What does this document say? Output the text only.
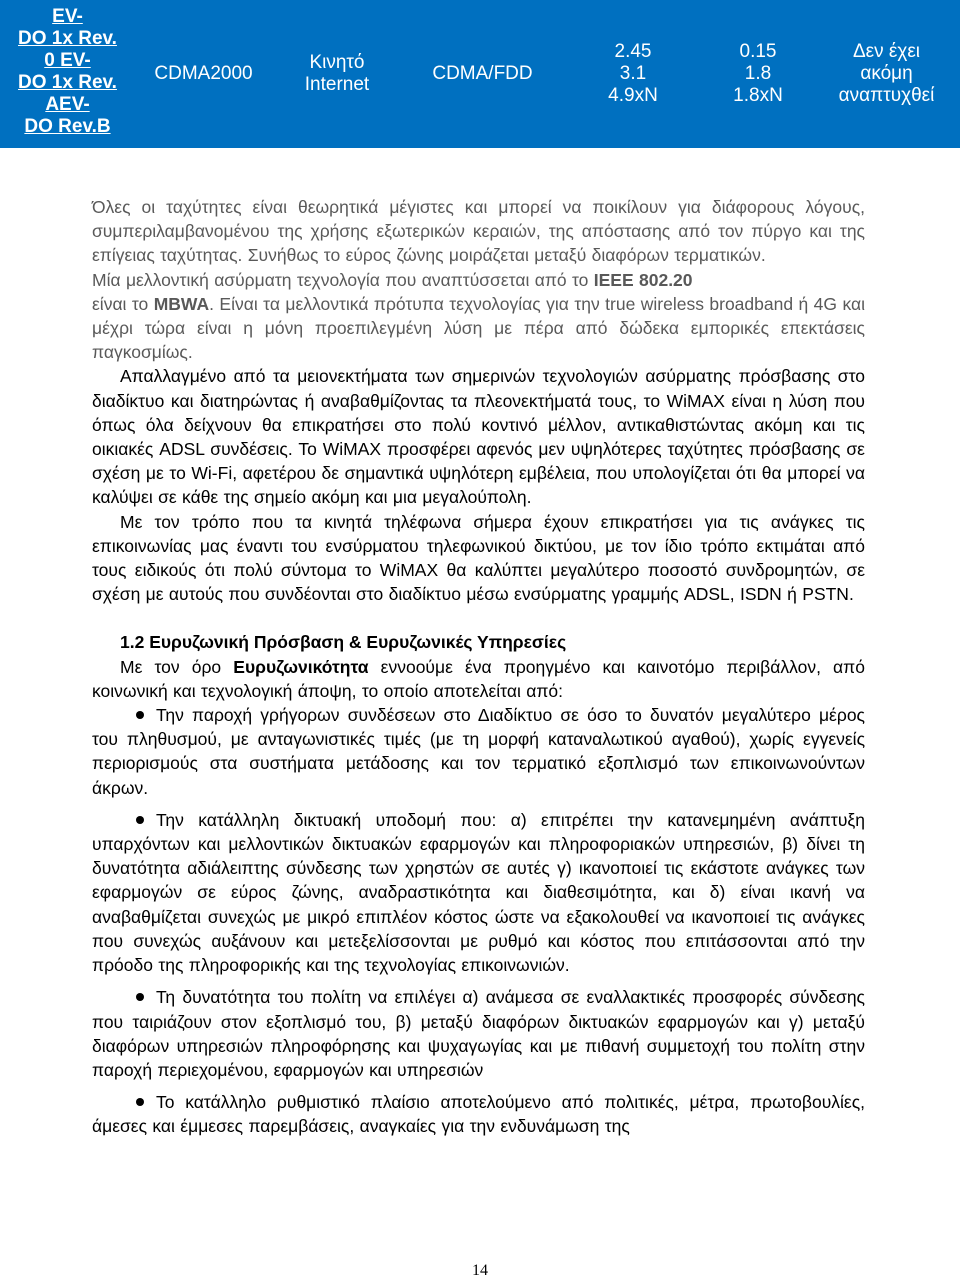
EV-
DO 1x Rev.
0 EV-
DO 1x Rev.
AEV-
DO Rev.B
CDMA2000
Κινητό
Internet
CDMA/FDD
2.45
3.1
4.9xN
0.15
1.8
1.8xN
Δεν έχει
ακόμη
αναπτυχθεί

Όλες οι ταχύτητες είναι θεωρητικά μέγιστες και μπορεί να ποικίλουν για διάφορους λόγους, συμπεριλαμβανομένου της χρήσης εξωτερικών κεραιών, της απόστασης από τον πύργο και της επίγειας ταχύτητας. Συνήθως το εύρος ζώνης μοιράζεται μεταξύ διαφόρων τερματικών.

Μία μελλοντική ασύρματη τεχνολογία που αναπτύσσεται από το IEEE 802.20

είναι το MBWA. Είναι τα μελλοντικά πρότυπα τεχνολογίας για την true wireless broadband ή 4G και μέχρι τώρα είναι η μόνη προεπιλεγμένη λύση με πέρα από δώδεκα εμπορικές επεκτάσεις παγκοσμίως.

Απαλλαγμένο από τα μειονεκτήματα των σημερινών τεχνολογιών ασύρματης πρόσβασης στο διαδίκτυο και διατηρώντας ή αναβαθμίζοντας τα πλεονεκτήματά τους, το WiMAX είναι η λύση που όπως όλα δείχνουν θα επικρατήσει στο πολύ κοντινό μέλλον, αντικαθιστώντας ακόμη και τις οικιακές ADSL συνδέσεις. Το WiMAX προσφέρει αφενός μεν υψηλότερες ταχύτητες πρόσβασης σε σχέση με το Wi-Fi, αφετέρου δε σημαντικά υψηλότερη εμβέλεια, που υπολογίζεται ότι θα μπορεί να καλύψει σε κάθε της σημείο ακόμη και μια μεγαλούπολη.

Με τον τρόπο που τα κινητά τηλέφωνα σήμερα έχουν επικρατήσει για τις ανάγκες τις επικοινωνίας μας έναντι του ενσύρματου τηλεφωνικού δικτύου, με τον ίδιο τρόπο εκτιμάται από τους ειδικούς ότι πολύ σύντομα το WiMAX θα καλύπτει μεγαλύτερο ποσοστό συνδρομητών, σε σχέση με αυτούς που συνδέονται στο διαδίκτυο μέσω ενσύρματης γραμμής ADSL, ISDN ή PSTN.

1.2 Ευρυζωνική Πρόσβαση & Ευρυζωνικές Υπηρεσίες

Με τον όρο Ευρυζωνικότητα εννοούμε ένα προηγμένο και καινοτόμο περιβάλλον, από κοινωνική και τεχνολογική άποψη, το οποίο αποτελείται από:

Την παροχή γρήγορων συνδέσεων στο Διαδίκτυο σε όσο το δυνατόν μεγαλύτερο μέρος του πληθυσμού, με ανταγωνιστικές τιμές (με τη μορφή καταναλωτικού αγαθού), χωρίς εγγενείς περιορισμούς στα συστήματα μετάδοσης και τον τερματικό εξοπλισμό των επικοινωνούντων άκρων.

Την κατάλληλη δικτυακή υποδομή που: α) επιτρέπει την κατανεμημένη ανάπτυξη υπαρχόντων και μελλοντικών δικτυακών εφαρμογών και πληροφοριακών υπηρεσιών, β) δίνει τη δυνατότητα αδιάλειπτης σύνδεσης των χρηστών σε αυτές γ) ικανοποιεί τις εκάστοτε ανάγκες των εφαρμογών σε εύρος ζώνης, αναδραστικότητα και διαθεσιμότητα, και δ) είναι ικανή να αναβαθμίζεται συνεχώς με μικρό επιπλέον κόστος ώστε να εξακολουθεί να ικανοποιεί τις ανάγκες που συνεχώς αυξάνουν και μετεξελίσσονται με ρυθμό και κόστος που επιτάσσονται από την πρόοδο της πληροφορικής και της τεχνολογίας επικοινωνιών.

Τη δυνατότητα του πολίτη να επιλέγει α) ανάμεσα σε εναλλακτικές προσφορές σύνδεσης που ταιριάζουν στον εξοπλισμό του, β) μεταξύ διαφόρων δικτυακών εφαρμογών και γ) μεταξύ διαφόρων υπηρεσιών πληροφόρησης και ψυχαγωγίας και με πιθανή συμμετοχή του πολίτη στην παροχή περιεχομένου, εφαρμογών και υπηρεσιών

Το κατάλληλο ρυθμιστικό πλαίσιο αποτελούμενο από πολιτικές, μέτρα, πρωτοβουλίες, άμεσες και έμμεσες παρεμβάσεις, αναγκαίες για την ενδυνάμωση της

14
